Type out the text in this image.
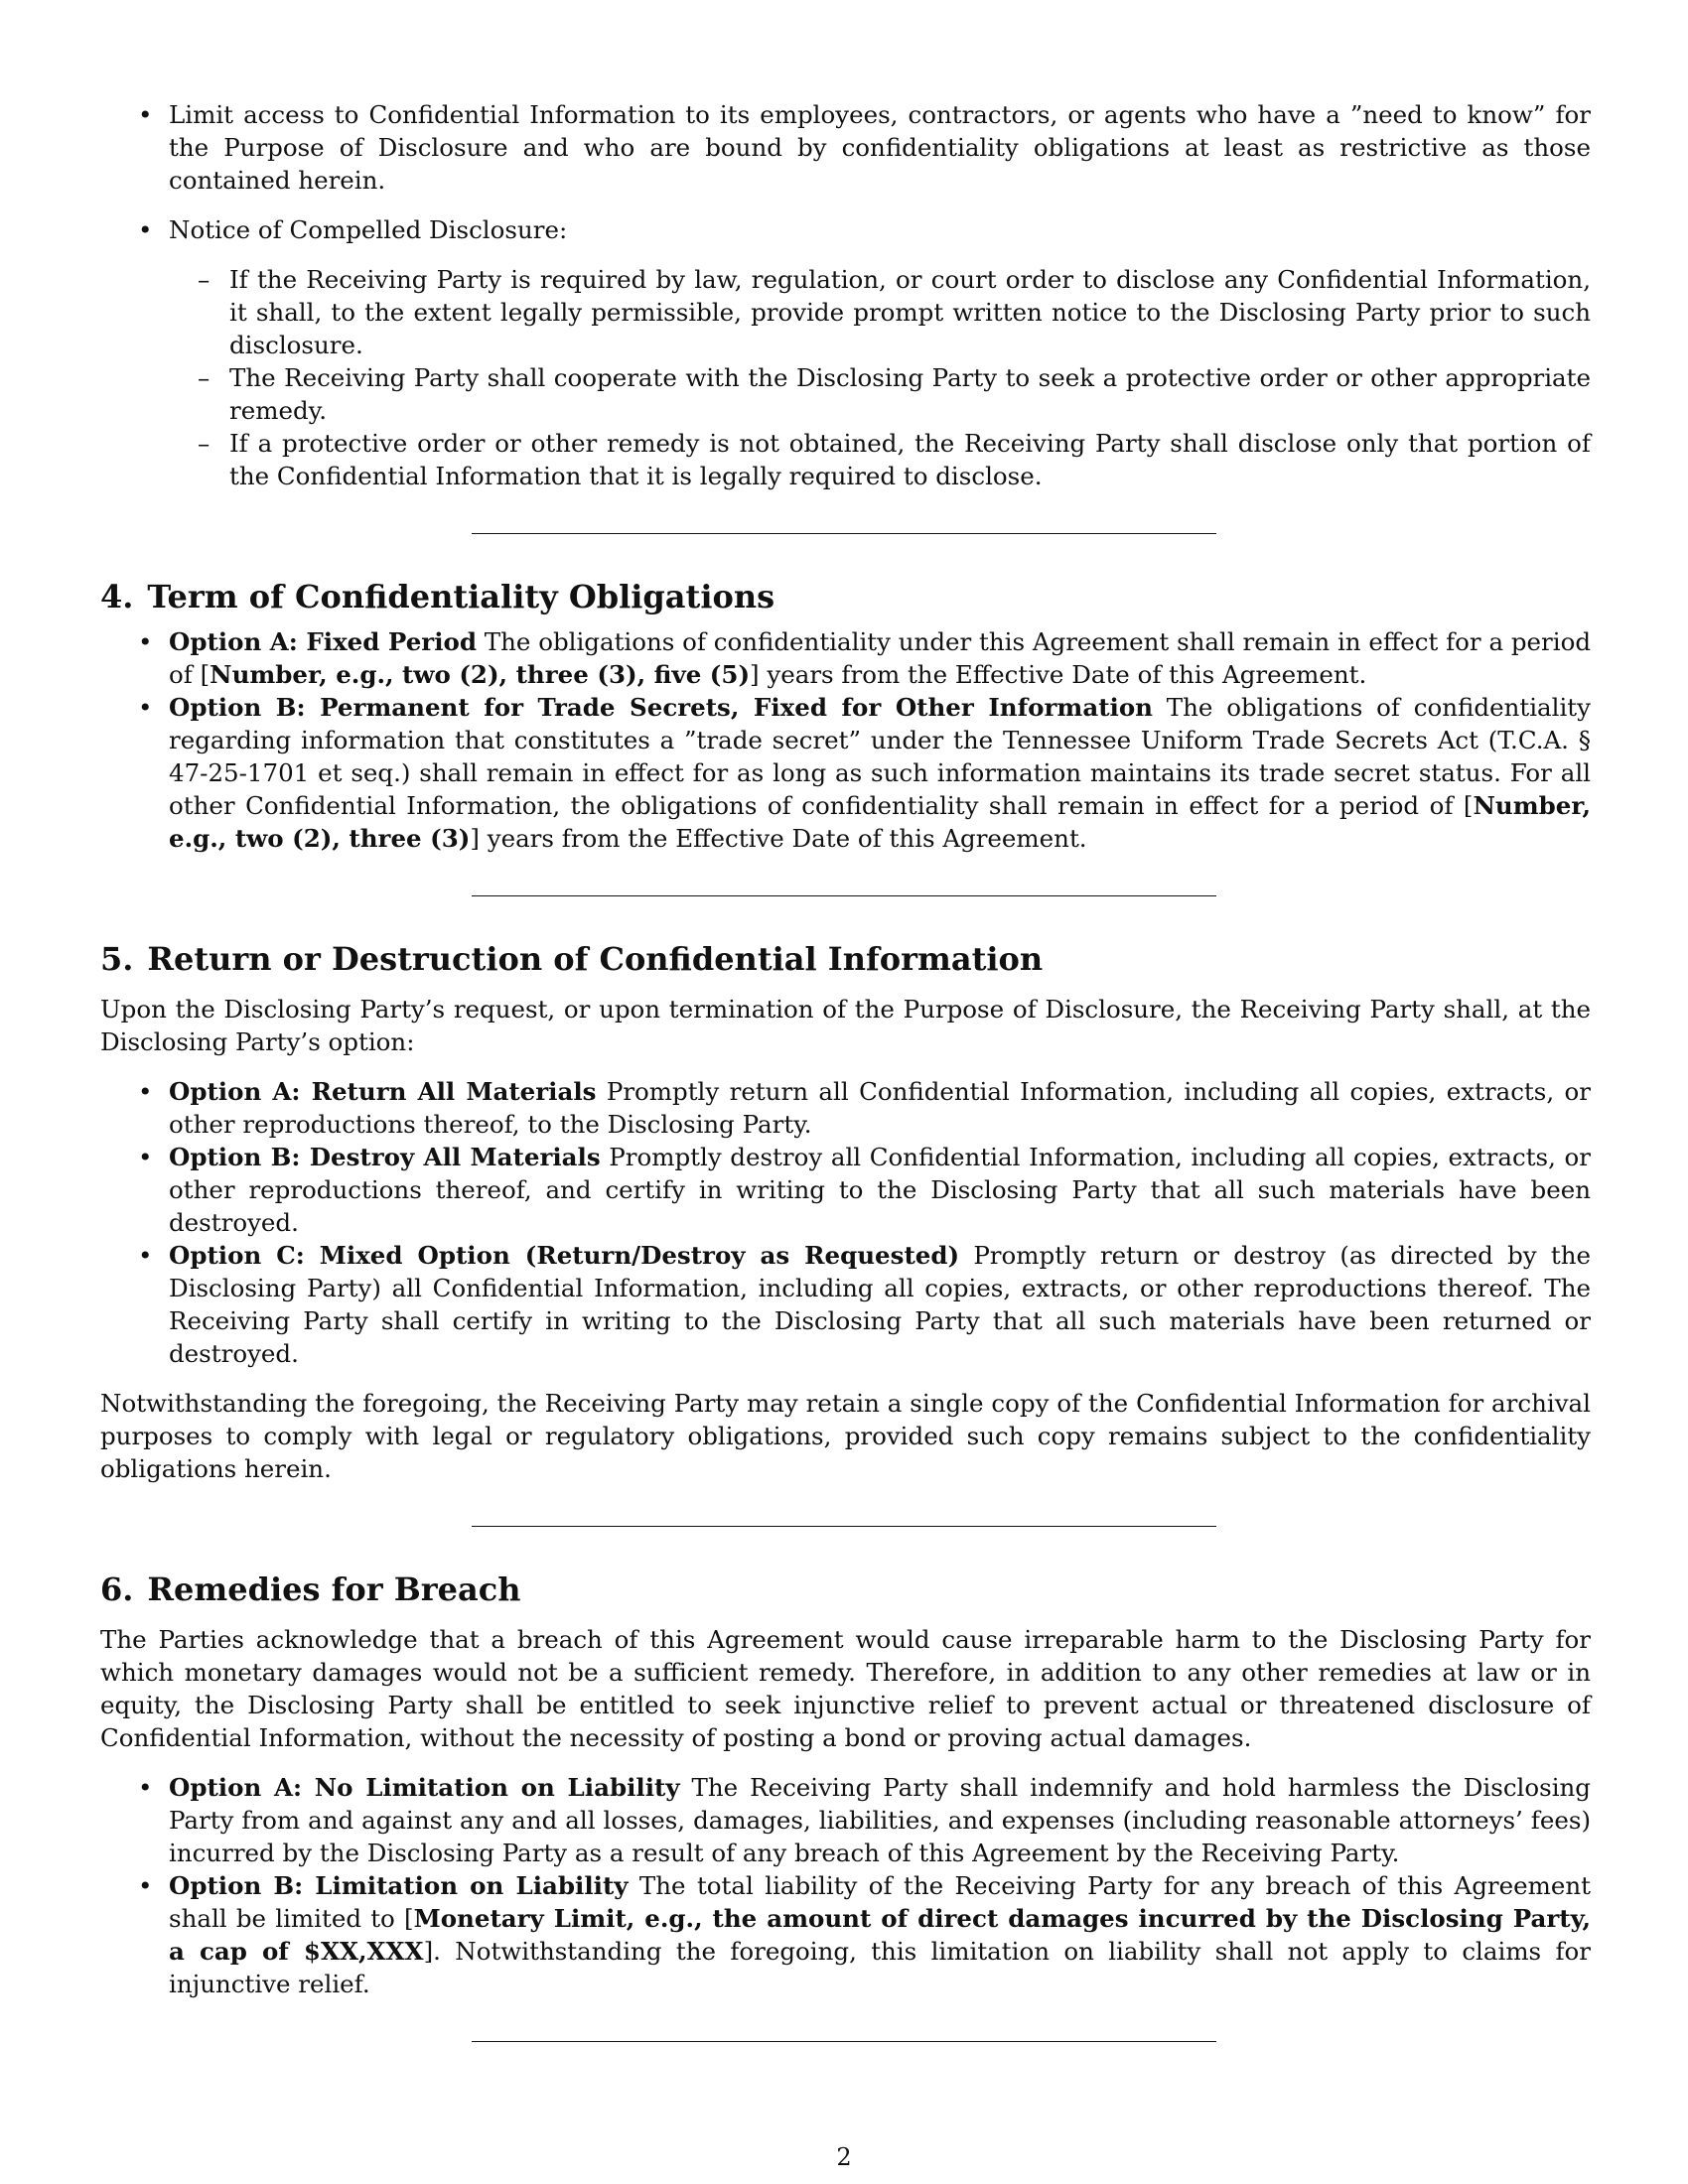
• Limit access to Confidential Information to its employees, contractors, or agents who have a ”need to know” for the Purpose of Disclosure and who are bound by confidentiality obligations at least as restrictive as those contained herein.
• Notice of Compelled Disclosure:
– If the Receiving Party is required by law, regulation, or court order to disclose any Confidential Information, it shall, to the extent legally permissible, provide prompt written notice to the Disclosing Party prior to such disclosure.
– The Receiving Party shall cooperate with the Disclosing Party to seek a protective order or other appropriate remedy.
– If a protective order or other remedy is not obtained, the Receiving Party shall disclose only that portion of the Confidential Information that it is legally required to disclose.
4. Term of Confidentiality Obligations
• Option A: Fixed Period The obligations of confidentiality under this Agreement shall remain in effect for a period of [Number, e.g., two (2), three (3), five (5)] years from the Effective Date of this Agreement.
• Option B: Permanent for Trade Secrets, Fixed for Other Information The obligations of confidentiality regarding information that constitutes a ”trade secret” under the Tennessee Uniform Trade Secrets Act (T.C.A. § 47-25-1701 et seq.) shall remain in effect for as long as such information maintains its trade secret status. For all other Confidential Information, the obligations of confidentiality shall remain in effect for a period of [Number, e.g., two (2), three (3)] years from the Effective Date of this Agreement.
5. Return or Destruction of Confidential Information

Upon the Disclosing Party’s request, or upon termination of the Purpose of Disclosure, the Receiving Party shall, at the Disclosing Party’s option:

• Option A: Return All Materials Promptly return all Confidential Information, including all copies, extracts, or other reproductions thereof, to the Disclosing Party.
• Option B: Destroy All Materials Promptly destroy all Confidential Information, including all copies, extracts, or other reproductions thereof, and certify in writing to the Disclosing Party that all such materials have been destroyed.
• Option C: Mixed Option (Return/Destroy as Requested) Promptly return or destroy (as directed by the Disclosing Party) all Confidential Information, including all copies, extracts, or other reproductions thereof. The Receiving Party shall certify in writing to the Disclosing Party that all such materials have been returned or destroyed.

Notwithstanding the foregoing, the Receiving Party may retain a single copy of the Confidential Information for archival purposes to comply with legal or regulatory obligations, provided such copy remains subject to the confidentiality obligations herein.

6. Remedies for Breach

The Parties acknowledge that a breach of this Agreement would cause irreparable harm to the Disclosing Party for which monetary damages would not be a sufficient remedy. Therefore, in addition to any other remedies at law or in equity, the Disclosing Party shall be entitled to seek injunctive relief to prevent actual or threatened disclosure of Confidential Information, without the necessity of posting a bond or proving actual damages.

• Option A: No Limitation on Liability The Receiving Party shall indemnify and hold harmless the Disclosing Party from and against any and all losses, damages, liabilities, and expenses (including reasonable attorneys’ fees) incurred by the Disclosing Party as a result of any breach of this Agreement by the Receiving Party.
• Option B: Limitation on Liability The total liability of the Receiving Party for any breach of this Agreement shall be limited to [Monetary Limit, e.g., the amount of direct damages incurred by the Disclosing Party, a cap of $XX,XXX]. Notwithstanding the foregoing, this limitation on liability shall not apply to claims for injunctive relief.
2
